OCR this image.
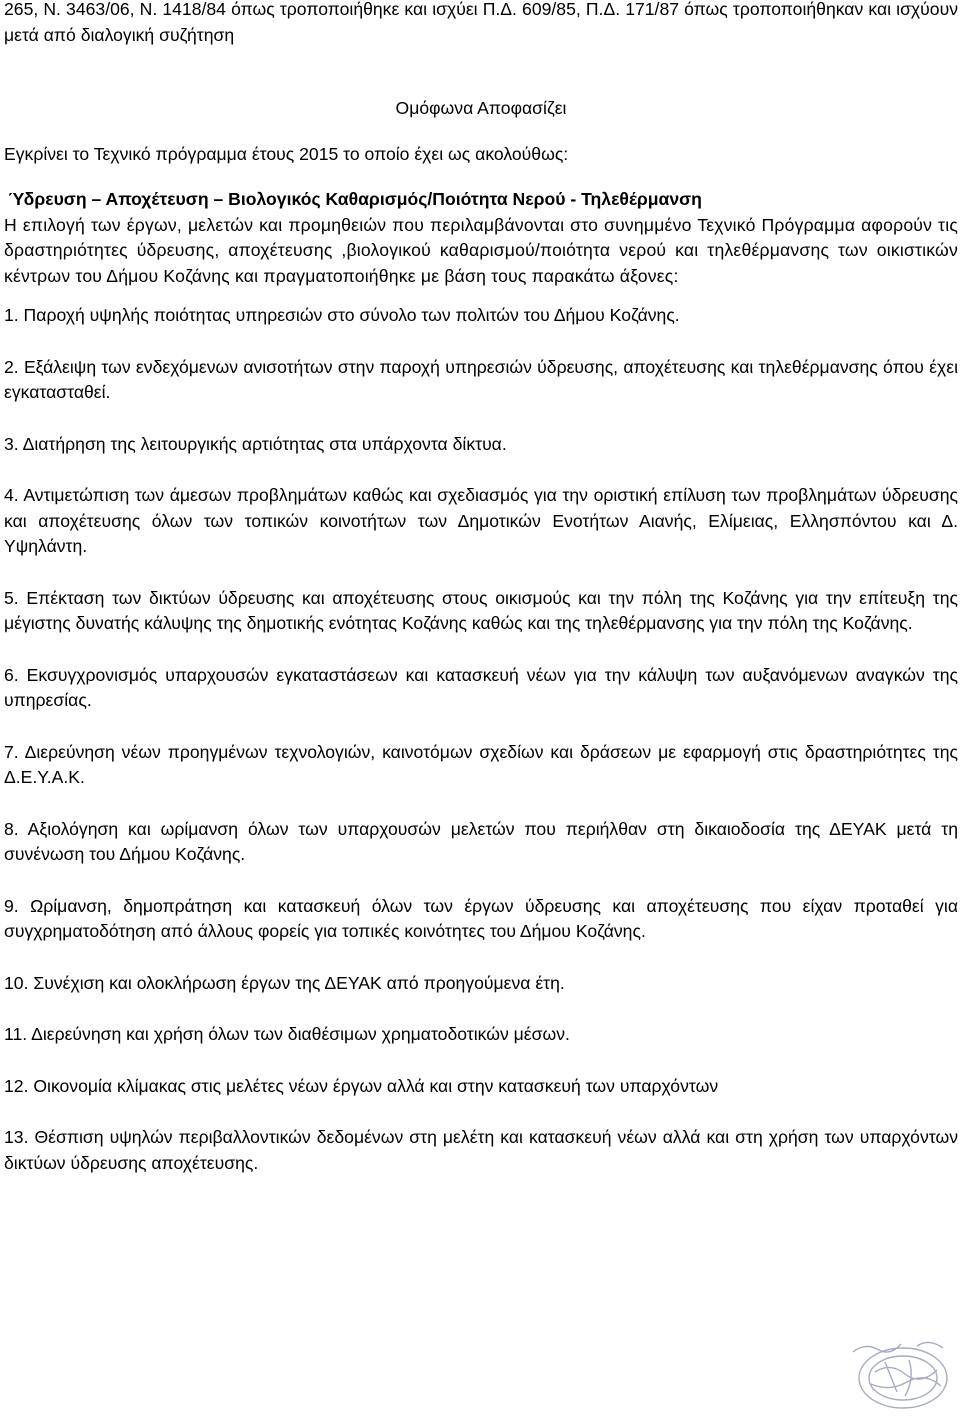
265, Ν. 3463/06, Ν. 1418/84 όπως τροποποιήθηκε και ισχύει Π.Δ. 609/85, Π.Δ. 171/87 όπως τροποποιήθηκαν και ισχύουν μετά από διαλογική συζήτηση

Ομόφωνα Αποφασίζει

Εγκρίνει το Τεχνικό πρόγραμμα έτους 2015 το οποίο έχει ως ακολούθως:

Ύδρευση – Αποχέτευση – Βιολογικός Καθαρισμός/Ποιότητα Νερού - Τηλεθέρμανση

Η επιλογή των έργων, μελετών και προμηθειών που περιλαμβάνονται στο συνημμένο Τεχνικό Πρόγραμμα αφορούν τις δραστηριότητες ύδρευσης, αποχέτευσης ,βιολογικού καθαρισμού/ποιότητα νερού και τηλεθέρμανσης των οικιστικών κέντρων του Δήμου Κοζάνης και πραγματοποιήθηκε με βάση τους παρακάτω άξονες:

1. Παροχή υψηλής ποιότητας υπηρεσιών στο σύνολο των πολιτών του Δήμου Κοζάνης.

2. Εξάλειψη των ενδεχόμενων ανισοτήτων στην παροχή υπηρεσιών ύδρευσης, αποχέτευσης και τηλεθέρμανσης όπου έχει εγκατασταθεί.

3. Διατήρηση της λειτουργικής αρτιότητας στα υπάρχοντα δίκτυα.

4. Αντιμετώπιση των άμεσων προβλημάτων καθώς και σχεδιασμός για την οριστική επίλυση των προβλημάτων ύδρευσης και αποχέτευσης όλων των τοπικών κοινοτήτων των Δημοτικών Ενοτήτων Αιανής, Ελίμειας, Ελλησπόντου και Δ. Υψηλάντη.

5. Επέκταση των δικτύων ύδρευσης και αποχέτευσης στους οικισμούς και την πόλη της Κοζάνης για την επίτευξη της μέγιστης δυνατής κάλυψης της δημοτικής ενότητας Κοζάνης καθώς και της τηλεθέρμανσης για την πόλη της Κοζάνης.

6. Εκσυγχρονισμός υπαρχουσών εγκαταστάσεων και κατασκευή νέων για την κάλυψη των αυξανόμενων αναγκών της υπηρεσίας.

7. Διερεύνηση νέων προηγμένων τεχνολογιών, καινοτόμων σχεδίων και δράσεων με εφαρμογή στις δραστηριότητες της Δ.Ε.Υ.Α.Κ.

8. Αξιολόγηση και ωρίμανση όλων των υπαρχουσών μελετών που περιήλθαν στη δικαιοδοσία της ΔΕΥΑΚ μετά τη συνένωση του Δήμου Κοζάνης.

9. Ωρίμανση, δημοπράτηση και κατασκευή όλων των έργων ύδρευσης και αποχέτευσης που είχαν προταθεί για συγχρηματοδότηση από άλλους φορείς για τοπικές κοινότητες του Δήμου Κοζάνης.

10. Συνέχιση και ολοκλήρωση έργων της ΔΕΥΑΚ από προηγούμενα έτη.

11. Διερεύνηση και χρήση όλων των διαθέσιμων χρηματοδοτικών μέσων.

12. Οικονομία κλίμακας στις μελέτες νέων έργων αλλά και στην κατασκευή των υπαρχόντων

13. Θέσπιση υψηλών περιβαλλοντικών δεδομένων στη μελέτη και κατασκευή νέων αλλά και στη χρήση των υπαρχόντων δικτύων ύδρευσης αποχέτευσης.
